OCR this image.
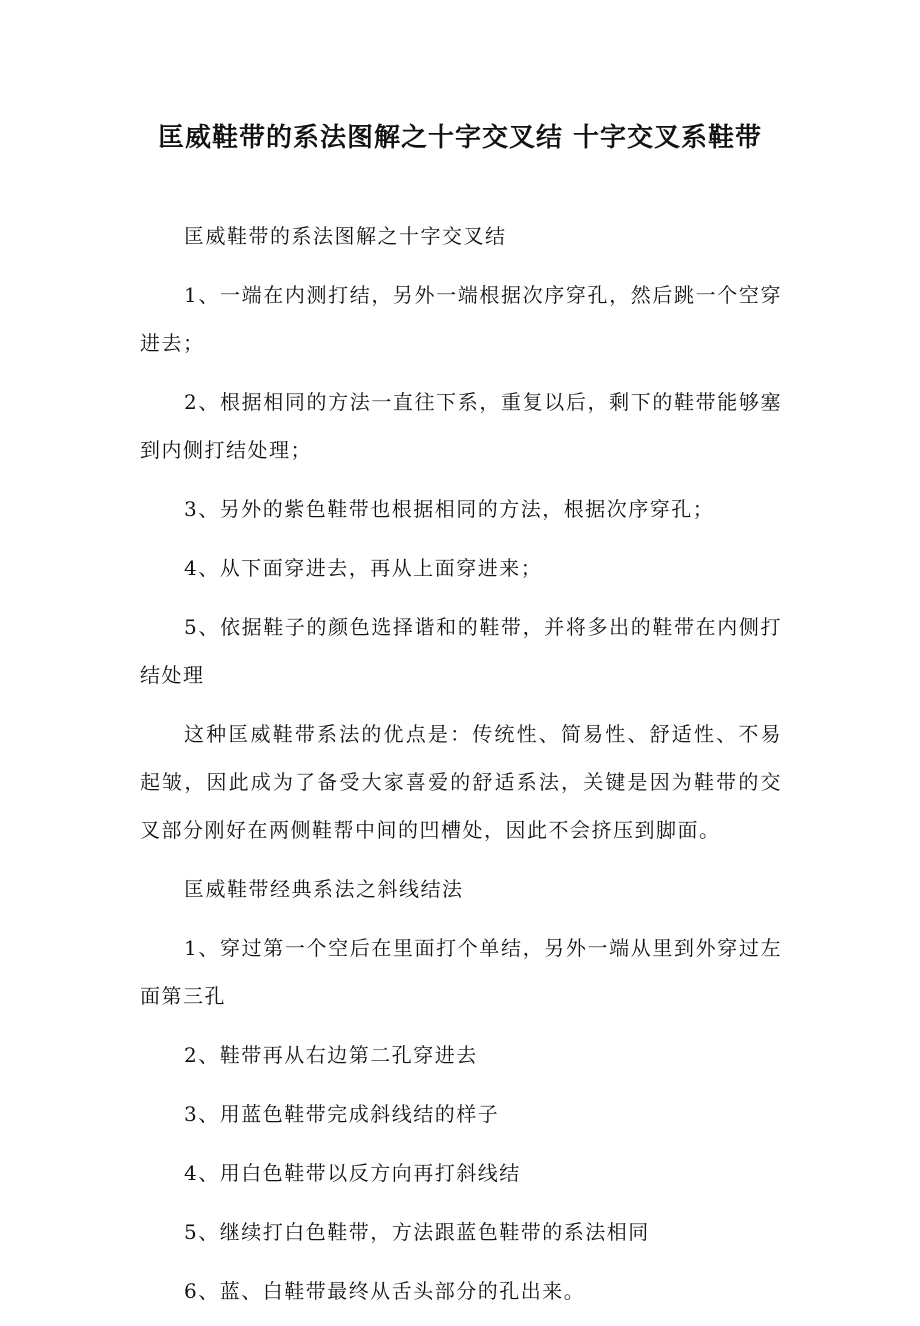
匡威鞋带的系法图解之十字交叉结 十字交叉系鞋带

匡威鞋带的系法图解之十字交叉结

1、一端在内测打结，另外一端根据次序穿孔，然后跳一个空穿进去；

2、根据相同的方法一直往下系，重复以后，剩下的鞋带能够塞到内侧打结处理；

3、另外的紫色鞋带也根据相同的方法，根据次序穿孔；

4、从下面穿进去，再从上面穿进来；

5、依据鞋子的颜色选择谐和的鞋带，并将多出的鞋带在内侧打结处理

这种匡威鞋带系法的优点是：传统性、简易性、舒适性、不易起皱，因此成为了备受大家喜爱的舒适系法，关键是因为鞋带的交叉部分刚好在两侧鞋帮中间的凹槽处，因此不会挤压到脚面。

匡威鞋带经典系法之斜线结法

1、穿过第一个空后在里面打个单结，另外一端从里到外穿过左面第三孔

2、鞋带再从右边第二孔穿进去

3、用蓝色鞋带完成斜线结的样子

4、用白色鞋带以反方向再打斜线结

5、继续打白色鞋带，方法跟蓝色鞋带的系法相同

6、蓝、白鞋带最终从舌头部分的孔出来。
